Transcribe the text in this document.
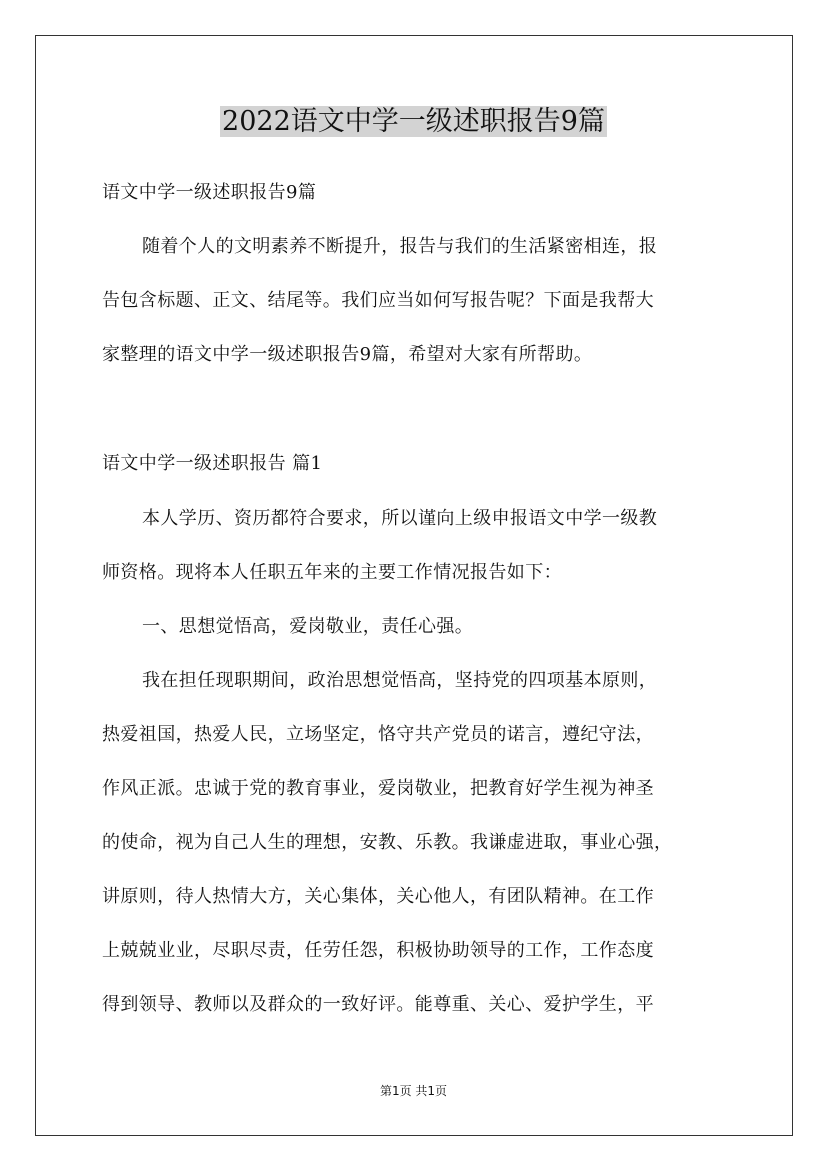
2022语文中学一级述职报告9篇
语文中学一级述职报告9篇
随着个人的文明素养不断提升，报告与我们的生活紧密相连，报
告包含标题、正文、结尾等。我们应当如何写报告呢？下面是我帮大
家整理的语文中学一级述职报告9篇，希望对大家有所帮助。
语文中学一级述职报告 篇1
本人学历、资历都符合要求，所以谨向上级申报语文中学一级教
师资格。现将本人任职五年来的主要工作情况报告如下：
一、思想觉悟高，爱岗敬业，责任心强。
我在担任现职期间，政治思想觉悟高，坚持党的四项基本原则，
热爱祖国，热爱人民，立场坚定，恪守共产党员的诺言，遵纪守法，
作风正派。忠诚于党的教育事业，爱岗敬业，把教育好学生视为神圣
的使命，视为自己人生的理想，安教、乐教。我谦虚进取，事业心强，
讲原则，待人热情大方，关心集体，关心他人，有团队精神。在工作
上兢兢业业，尽职尽责，任劳任怨，积极协助领导的工作，工作态度
得到领导、教师以及群众的一致好评。能尊重、关心、爱护学生，平
第1页 共1页
